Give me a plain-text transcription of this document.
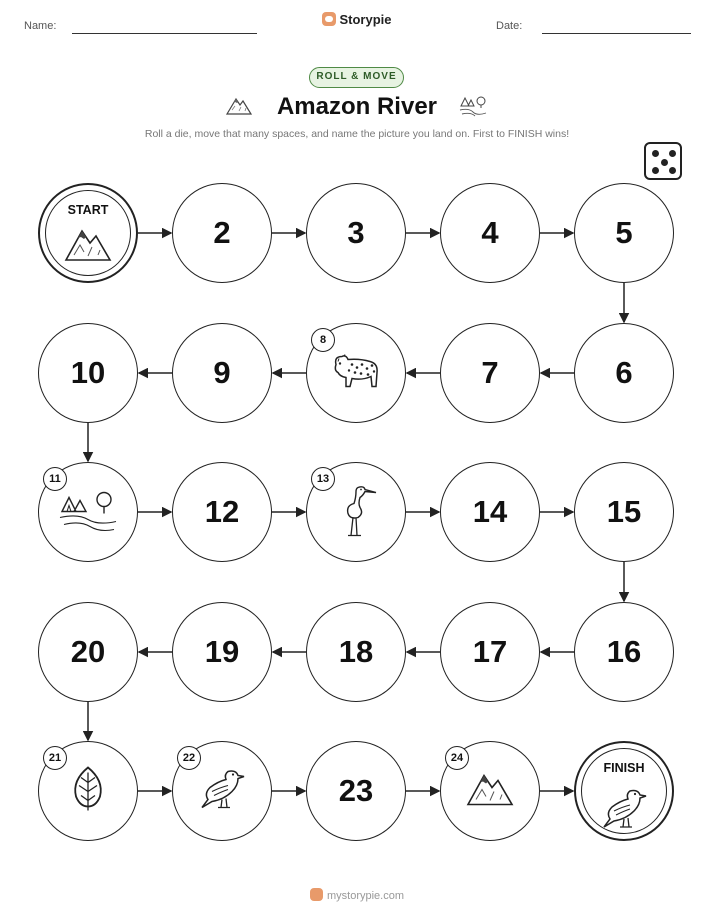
Name:	Storypie	Date:
ROLL & MOVE
Amazon River
Roll a die, move that many spaces, and name the picture you land on. First to FINISH wins!
START
2	3	4	5
6
7
8
9
10
11
12
13
14	15
16
17
18
19
20
21	22
23
24
FINISH
mystorypie.com
